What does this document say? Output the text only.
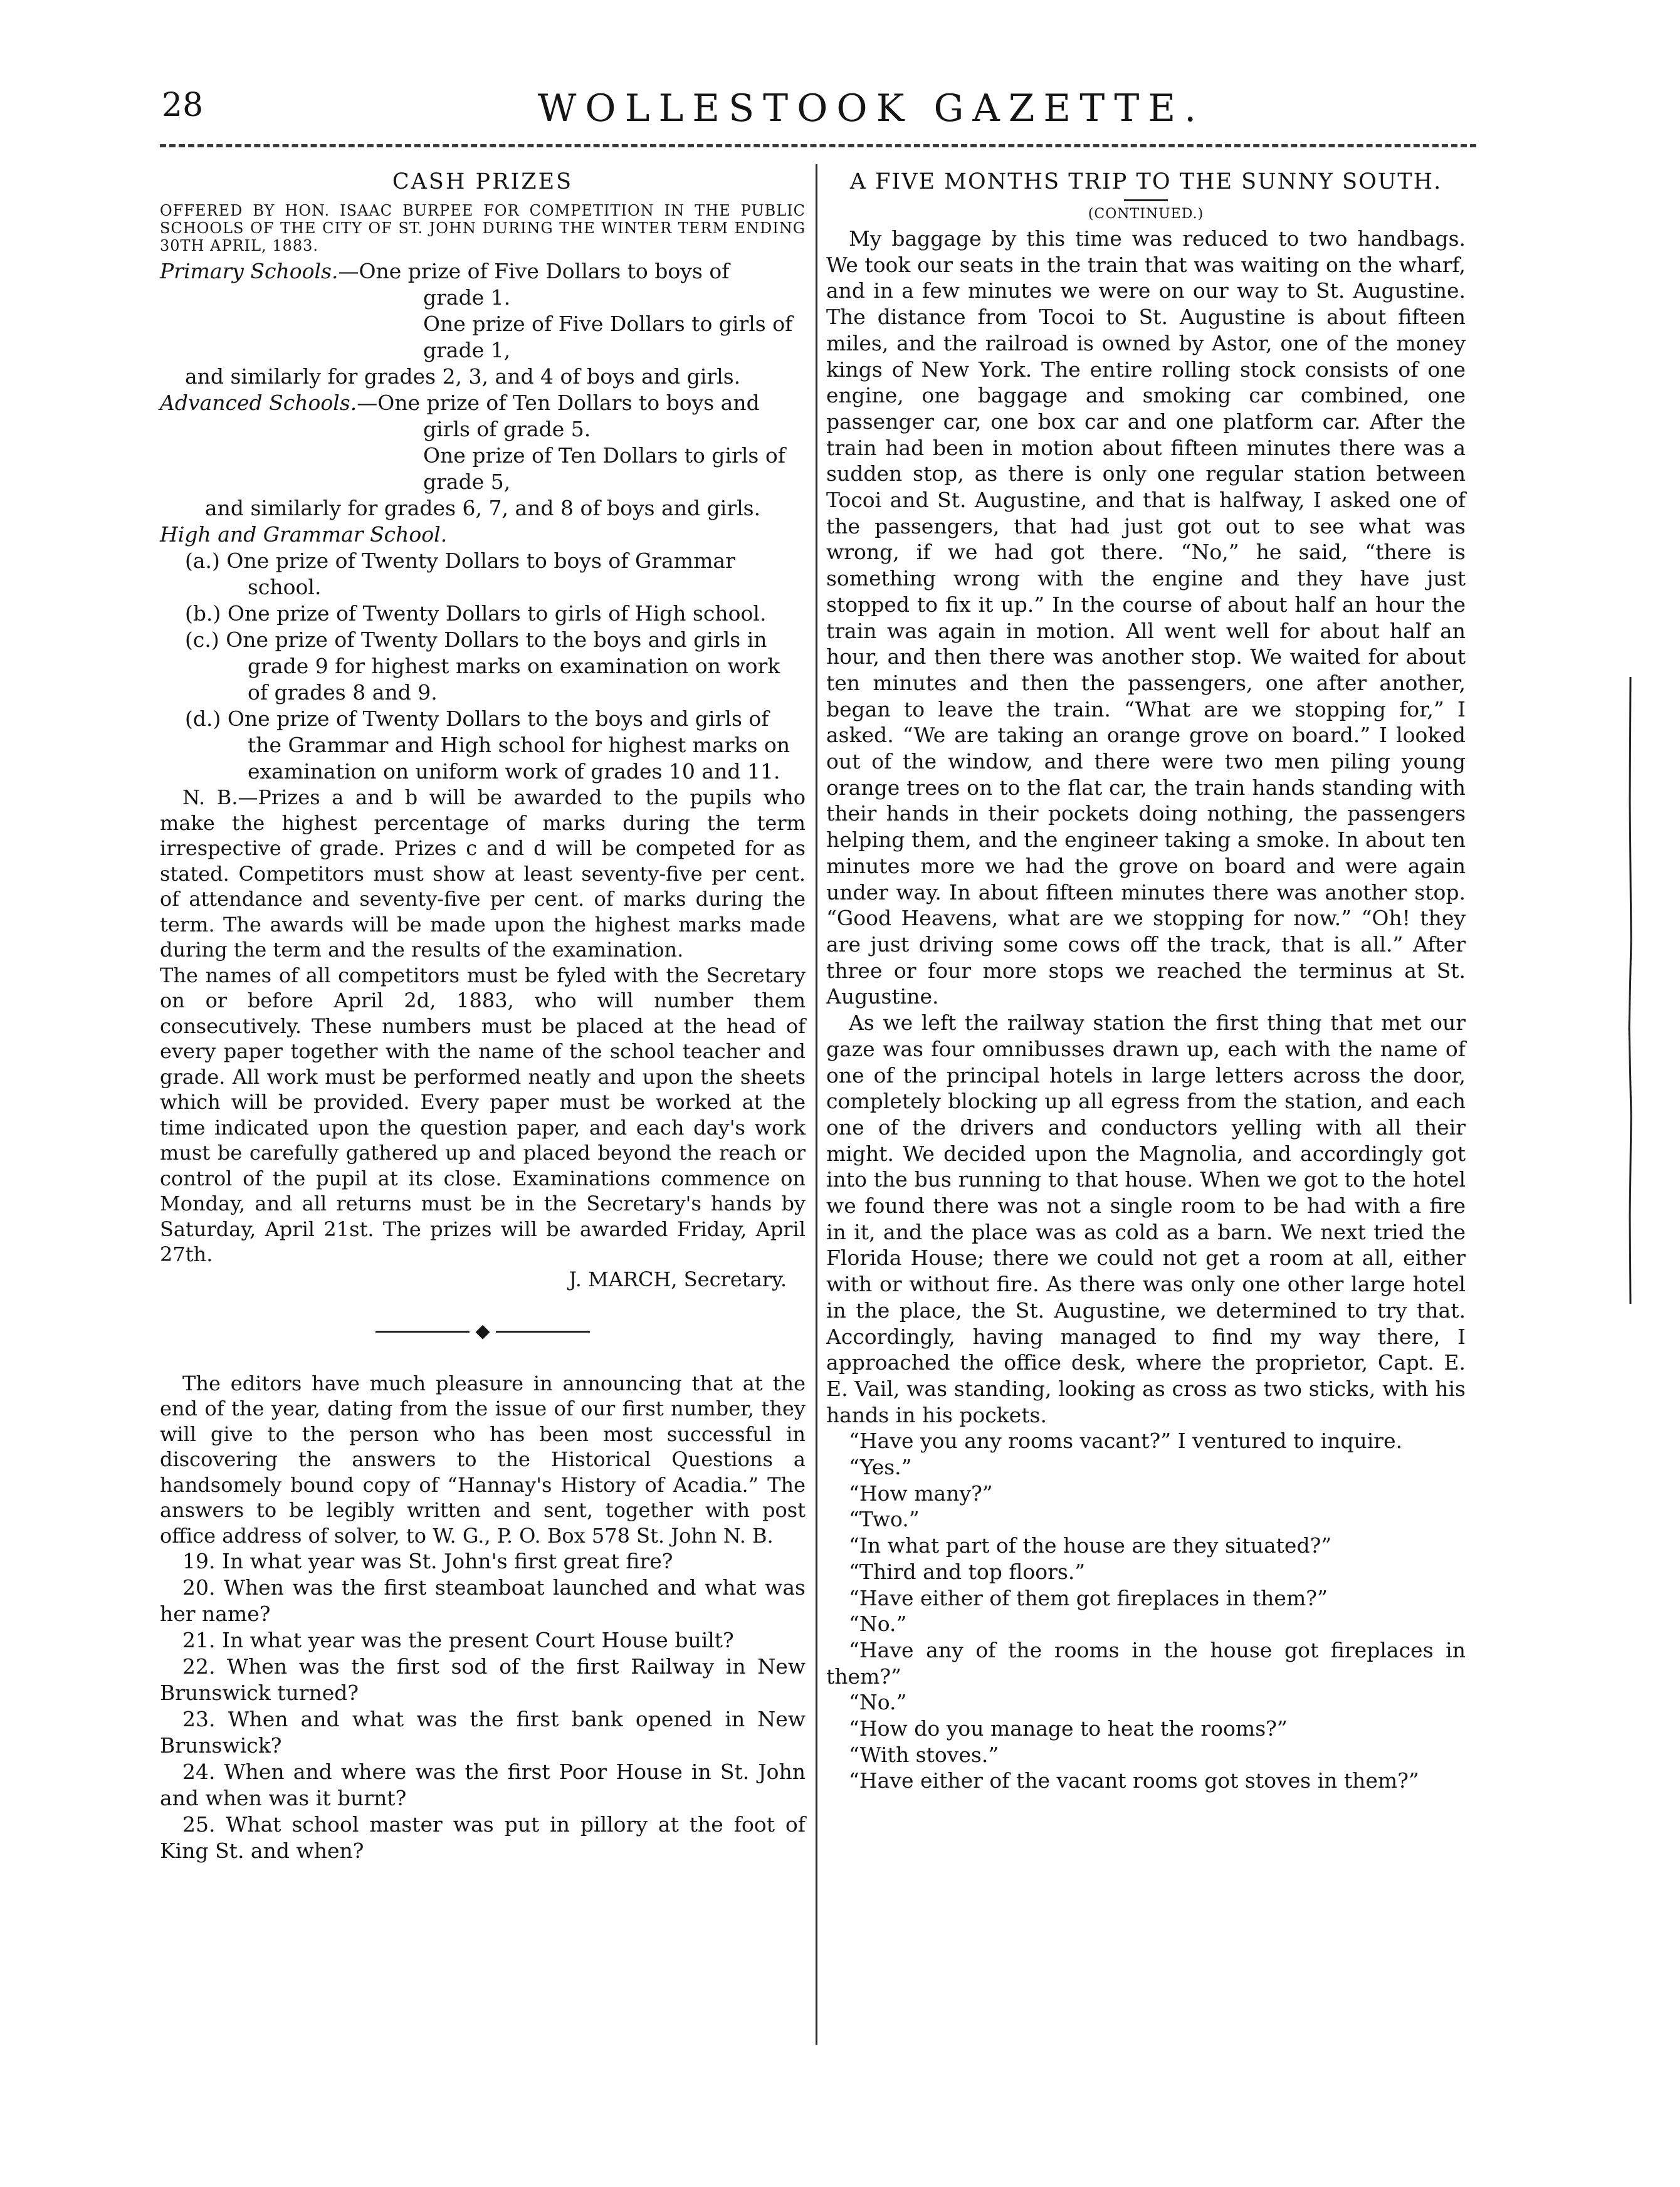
28	WOLLESTOOK GAZETTE.
CASH PRIZES

OFFERED BY HON. ISAAC BURPEE FOR COMPETITION IN THE PUBLIC SCHOOLS OF THE CITY OF ST. JOHN DURING THE WINTER TERM ENDING 30TH APRIL, 1883.

Primary Schools.—One prize of Five Dollars to boys of

grade 1.

One prize of Five Dollars to girls of

grade 1,

and similarly for grades 2, 3, and 4 of boys and girls.

Advanced Schools.—One prize of Ten Dollars to boys and

girls of grade 5.

One prize of Ten Dollars to girls of

grade 5,

and similarly for grades 6, 7, and 8 of boys and girls.

High and Grammar School.

(a.) One prize of Twenty Dollars to boys of Grammar school.

(b.) One prize of Twenty Dollars to girls of High school.

(c.) One prize of Twenty Dollars to the boys and girls in grade 9 for highest marks on examination on work of grades 8 and 9.

(d.) One prize of Twenty Dollars to the boys and girls of the Grammar and High school for highest marks on examination on uniform work of grades 10 and 11.

N. B.—Prizes a and b will be awarded to the pupils who make the highest percentage of marks during the term irrespective of grade. Prizes c and d will be competed for as stated. Competitors must show at least seventy-five per cent. of attendance and seventy-five per cent. of marks during the term. The awards will be made upon the highest marks made during the term and the results of the examination.

The names of all competitors must be fyled with the Secretary on or before April 2d, 1883, who will number them consecutively. These numbers must be placed at the head of every paper together with the name of the school teacher and grade. All work must be performed neatly and upon the sheets which will be provided. Every paper must be worked at the time indicated upon the question paper, and each day's work must be carefully gathered up and placed beyond the reach or control of the pupil at its close. Examinations commence on Monday, and all returns must be in the Secretary's hands by Saturday, April 21st. The prizes will be awarded Friday, April 27th.

J. MARCH, Secretary.

◆

The editors have much pleasure in announcing that at the end of the year, dating from the issue of our first number, they will give to the person who has been most successful in discovering the answers to the Historical Questions a handsomely bound copy of “Hannay's History of Acadia.” The answers to be legibly written and sent, together with post office address of solver, to W. G., P. O. Box 578 St. John N. B.

19. In what year was St. John's first great fire?

20. When was the first steamboat launched and what was her name?

21. In what year was the present Court House built?

22. When was the first sod of the first Railway in New Brunswick turned?

23. When and what was the first bank opened in New Brunswick?

24. When and where was the first Poor House in St. John and when was it burnt?

25. What school master was put in pillory at the foot of King St. and when?

A FIVE MONTHS TRIP TO THE SUNNY SOUTH.
(CONTINUED.)

My baggage by this time was reduced to two handbags. We took our seats in the train that was waiting on the wharf, and in a few minutes we were on our way to St. Augustine. The distance from Tocoi to St. Augustine is about fifteen miles, and the railroad is owned by Astor, one of the money kings of New York. The entire rolling stock consists of one engine, one baggage and smoking car combined, one passenger car, one box car and one platform car. After the train had been in motion about fifteen minutes there was a sudden stop, as there is only one regular station between Tocoi and St. Augustine, and that is halfway, I asked one of the passengers, that had just got out to see what was wrong, if we had got there. “No,” he said, “there is something wrong with the engine and they have just stopped to fix it up.” In the course of about half an hour the train was again in motion. All went well for about half an hour, and then there was another stop. We waited for about ten minutes and then the passengers, one after another, began to leave the train. “What are we stopping for,” I asked. “We are taking an orange grove on board.” I looked out of the window, and there were two men piling young orange trees on to the flat car, the train hands standing with their hands in their pockets doing nothing, the passengers helping them, and the engineer taking a smoke. In about ten minutes more we had the grove on board and were again under way. In about fifteen minutes there was another stop. “Good Heavens, what are we stopping for now.” “Oh! they are just driving some cows off the track, that is all.” After three or four more stops we reached the terminus at St. Augustine.

As we left the railway station the first thing that met our gaze was four omnibusses drawn up, each with the name of one of the principal hotels in large letters across the door, completely blocking up all egress from the station, and each one of the drivers and conductors yelling with all their might. We decided upon the Magnolia, and accordingly got into the bus running to that house. When we got to the hotel we found there was not a single room to be had with a fire in it, and the place was as cold as a barn. We next tried the Florida House; there we could not get a room at all, either with or without fire. As there was only one other large hotel in the place, the St. Augustine, we determined to try that. Accordingly, having managed to find my way there, I approached the office desk, where the proprietor, Capt. E. E. Vail, was standing, looking as cross as two sticks, with his hands in his pockets.

“Have you any rooms vacant?” I ventured to inquire.

“Yes.”

“How many?”

“Two.”

“In what part of the house are they situated?”

“Third and top floors.”

“Have either of them got fireplaces in them?”

“No.”

“Have any of the rooms in the house got fireplaces in them?”

“No.”

“How do you manage to heat the rooms?”

“With stoves.”

“Have either of the vacant rooms got stoves in them?”
